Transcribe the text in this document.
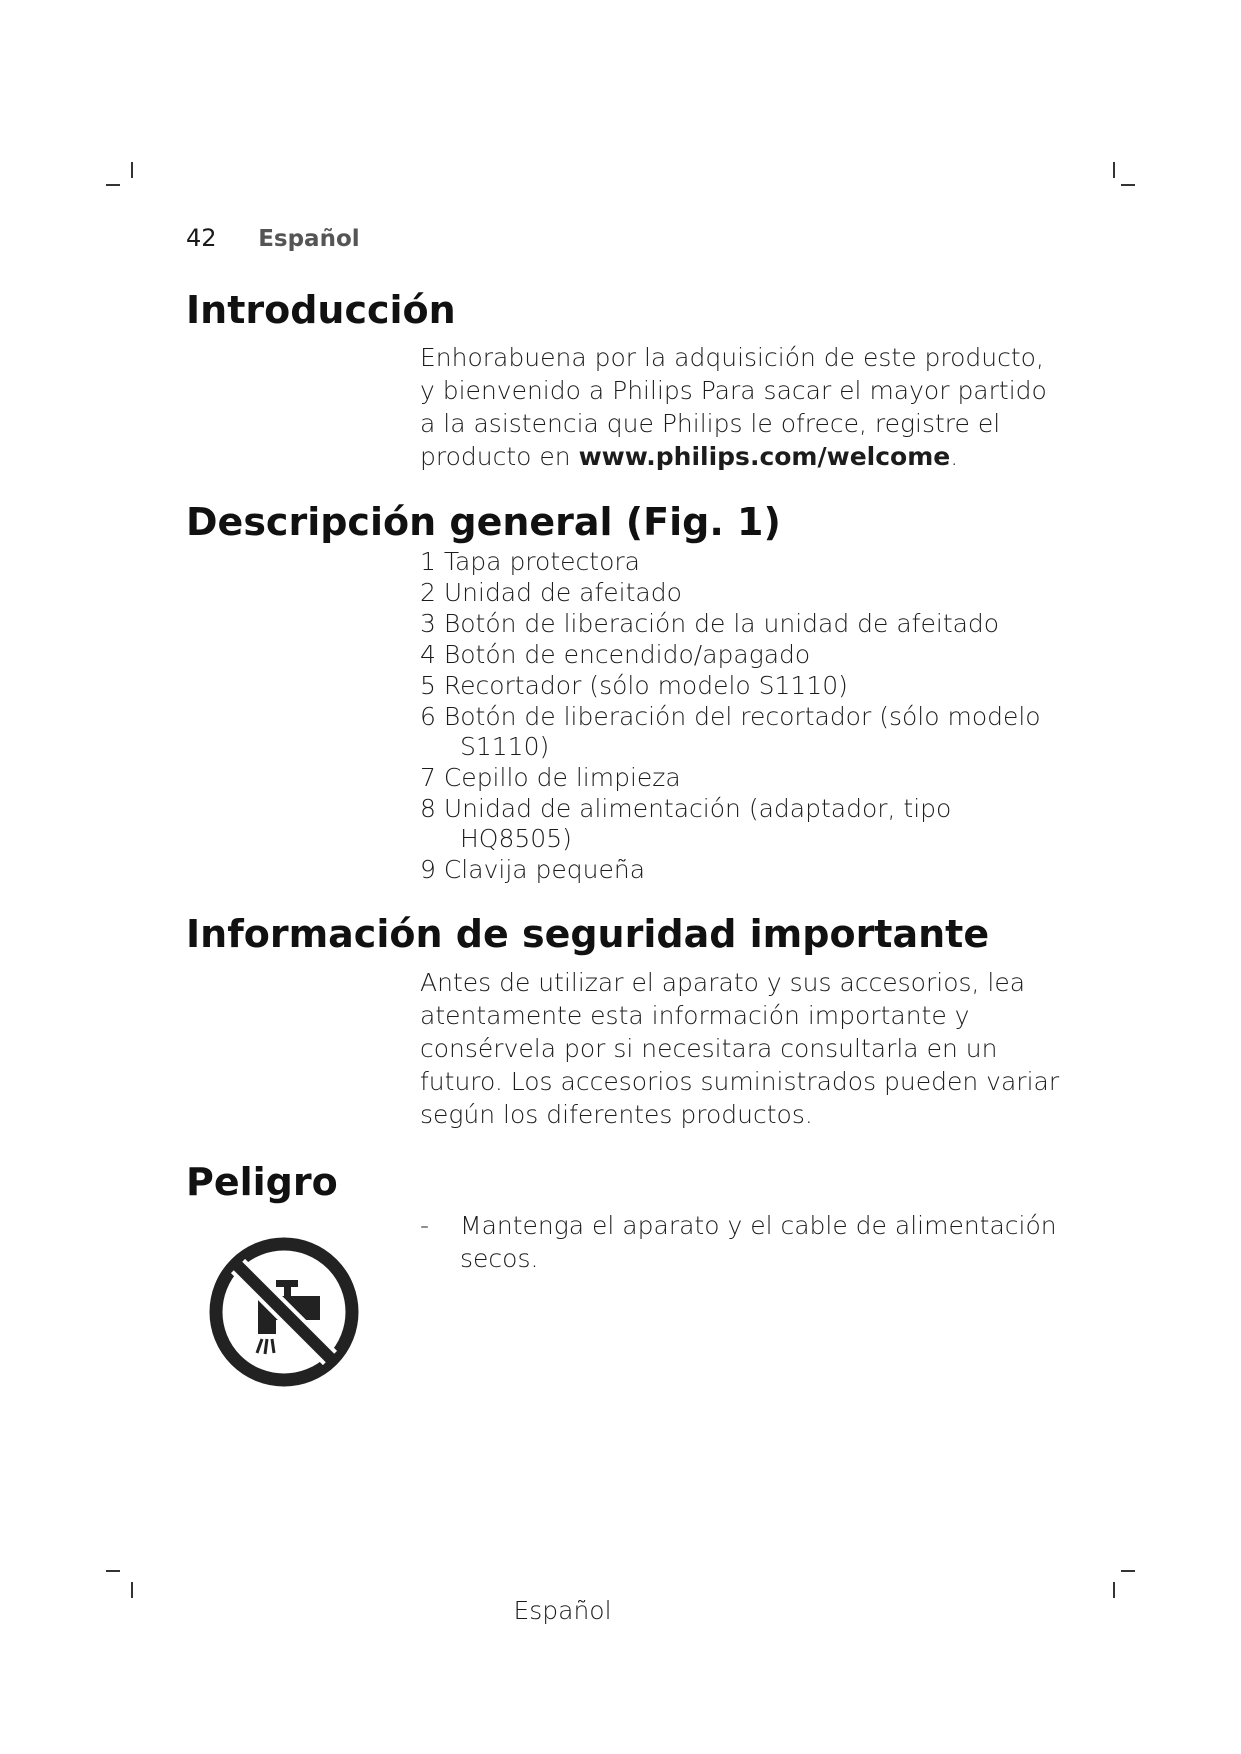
42 Español
Introducción
Enhorabuena por la adquisición de este producto, y bienvenido a Philips Para sacar el mayor partido a la asistencia que Philips le ofrece, registre el producto en www.philips.com/welcome.
Descripción general (Fig. 1)
1 Tapa protectora
2 Unidad de afeitado
3 Botón de liberación de la unidad de afeitado
4 Botón de encendido/apagado
5 Recortador (sólo modelo S1110)
6 Botón de liberación del recortador (sólo modelo S1110)
7 Cepillo de limpieza
8 Unidad de alimentación (adaptador, tipo HQ8505)
9 Clavija pequeña
Información de seguridad importante
Antes de utilizar el aparato y sus accesorios, lea atentamente esta información importante y consérvela por si necesitara consultarla en un futuro. Los accesorios suministrados pueden variar según los diferentes productos.
Peligro
- Mantenga el aparato y el cable de alimentación secos.
Español
